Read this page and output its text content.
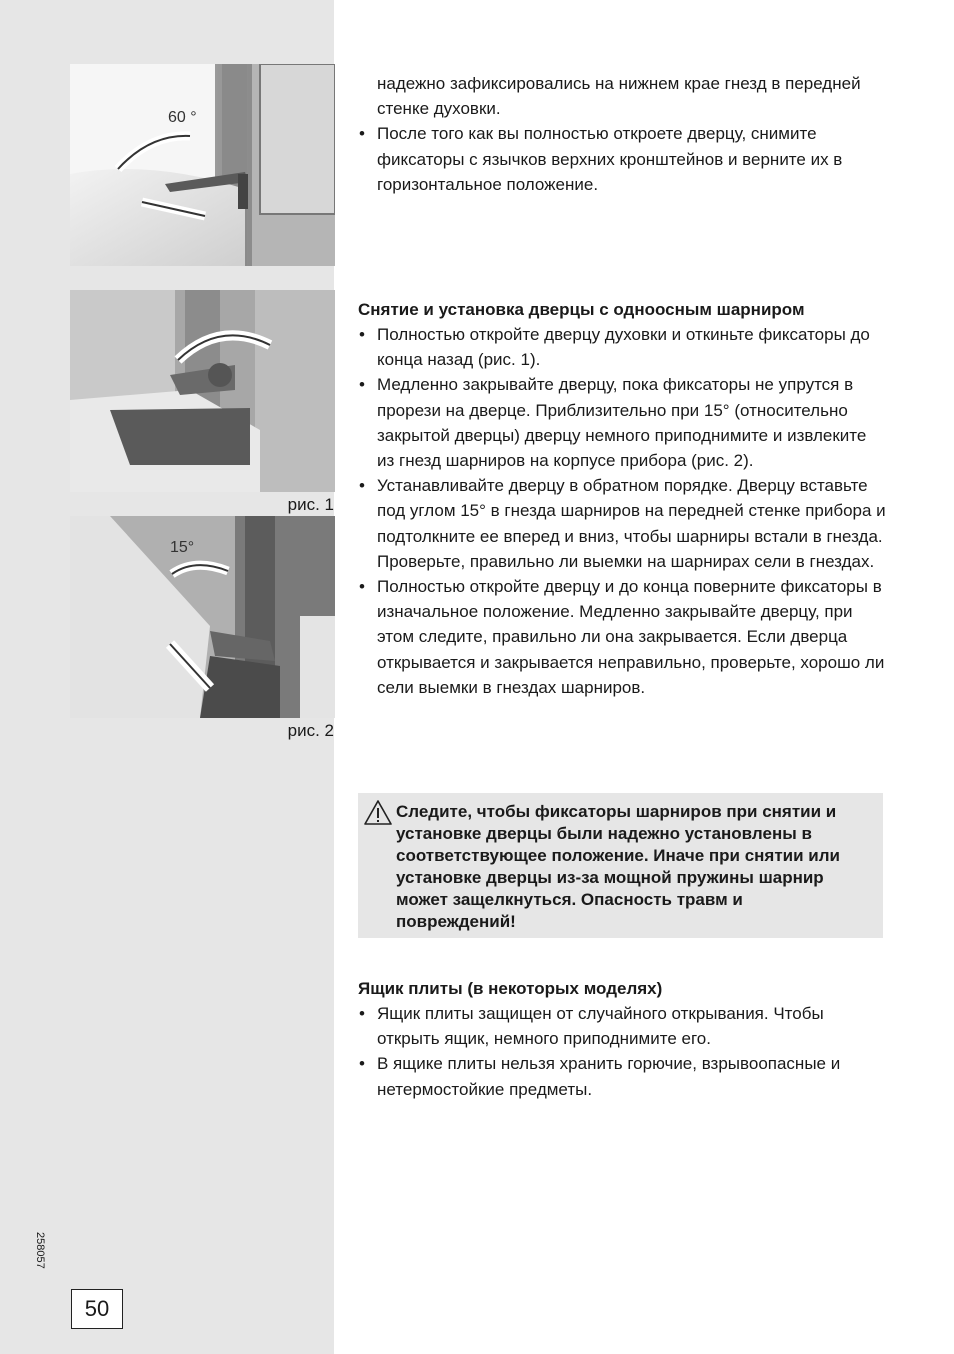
60 °
рис. 1
15°
рис. 2
258057
50

надежно зафиксировались на нижнем крае гнезд в передней стенке духовки.

• После того как вы полностью откроете дверцу, снимите фиксаторы с язычков верхних кронштейнов и верните их в горизонтальное положение.
Снятие и установка дверцы с одноосным шарниром
• Полностью откройте дверцу духовки и откиньте фиксаторы до конца назад (рис. 1).
• Медленно закрывайте дверцу, пока фиксаторы не упрутся в прорези на дверце. Приблизительно при 15° (относительно закрытой дверцы) дверцу немного приподнимите и извлеките из гнезд шарниров на корпусе прибора (рис. 2).
• Устанавливайте дверцу в обратном порядке. Дверцу вставьте под углом 15° в гнезда шарниров на передней стенке прибора и подтолкните ее вперед и вниз, чтобы шарниры встали в гнезда. Проверьте, правильно ли выемки на шарнирах сели в гнездах.
• Полностью откройте дверцу и до конца поверните фиксаторы в изначальное положение. Медленно закрывайте дверцу, при этом следите, правильно ли она закрывается. Если дверца открывается и закрывается неправильно, проверьте, хорошо ли сели выемки в гнездах шарниров.

Следите, чтобы фиксаторы шарниров при снятии и установке дверцы были надежно установлены в соответствующее положение. Иначе при снятии или установке дверцы из-за мощной пружины шарнир может защелкнуться. Опасность травм и повреждений!

Ящик плиты (в некоторых моделях)
• Ящик плиты защищен от случайного открывания. Чтобы открыть ящик, немного приподнимите его.
• В ящике плиты нельзя хранить горючие, взрывоопасные и нетермостойкие предметы.
